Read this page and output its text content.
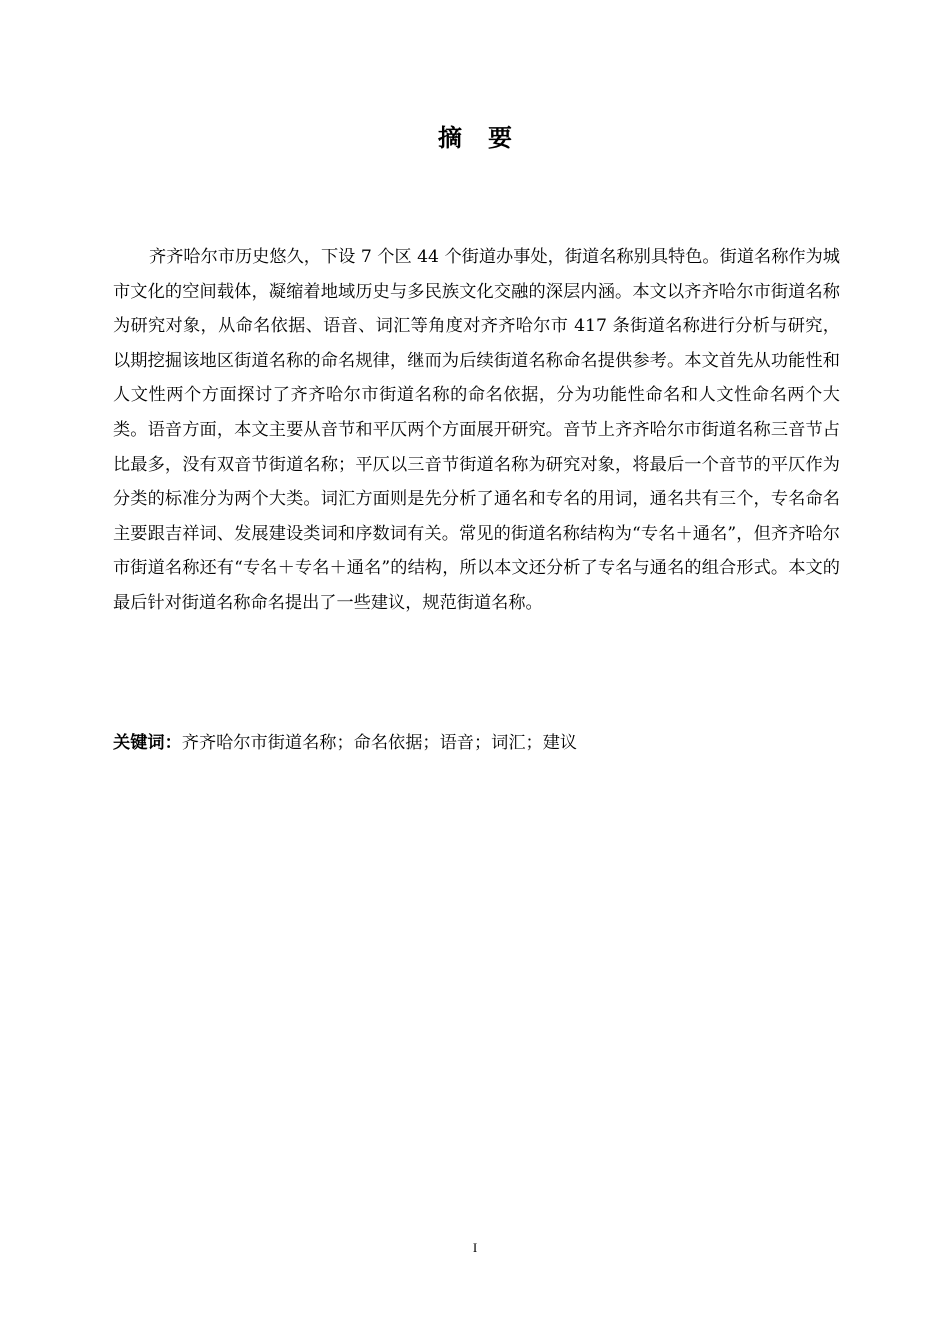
摘 要

齐齐哈尔市历史悠久，下设 7 个区 44 个街道办事处，街道名称别具特色。街道名称作为城市文化的空间载体，凝缩着地域历史与多民族文化交融的深层内涵。本文以齐齐哈尔市街道名称为研究对象，从命名依据、语音、词汇等角度对齐齐哈尔市 417 条街道名称进行分析与研究，以期挖掘该地区街道名称的命名规律，继而为后续街道名称命名提供参考。本文首先从功能性和人文性两个方面探讨了齐齐哈尔市街道名称的命名依据，分为功能性命名和人文性命名两个大类。语音方面，本文主要从音节和平仄两个方面展开研究。音节上齐齐哈尔市街道名称三音节占比最多，没有双音节街道名称；平仄以三音节街道名称为研究对象，将最后一个音节的平仄作为分类的标准分为两个大类。词汇方面则是先分析了通名和专名的用词，通名共有三个，专名命名主要跟吉祥词、发展建设类词和序数词有关。常见的街道名称结构为“专名＋通名”，但齐齐哈尔市街道名称还有“专名＋专名＋通名”的结构，所以本文还分析了专名与通名的组合形式。本文的最后针对街道名称命名提出了一些建议，规范街道名称。

关键词：齐齐哈尔市街道名称；命名依据；语音；词汇；建议

I
